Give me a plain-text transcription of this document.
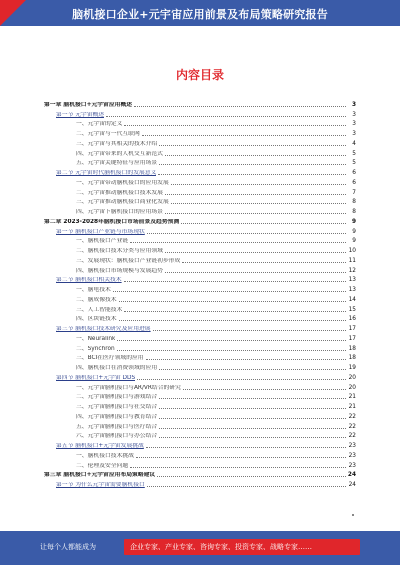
脑机接口企业+元宇宙应用前景及布局策略研究报告
内容目录
第一章 脑机接口+元宇宙应用概述	3
第一节 元宇宙概述	3
一、元宇宙的定义	3
二、元宇宙与一代互联网	3
三、元宇宙与其相关的技术介绍	4
四、元宇宙带来的人机交互新范式	5
五、元宇宙关键特征与应用场景	5
第二节 元宇宙时代脑机接口的发展意义	6
一、元宇宙带动脑机接口的应用发展	6
二、元宇宙推动脑机接口技术发展	7
三、元宇宙推动脑机接口商业化发展	8
四、元宇宙下脑机接口的应用场景	8
第二章 2023-2028年脑机接口市场前景及趋势预测	9
第一节 脑机接口产业链与市场现状	9
一、脑机接口产业链	9
二、脑机接口技术分类与应用领域	10
三、发展现状：脑机接口产业链初步形成	11
四、脑机接口市场规模与发展趋势	12
第二节 脑机接口相关技术	13
一、脑电技术	13
二、脑成像技术	14
三、人工智能技术	15
四、区块链技术	16
第三节 脑机接口技术研究及应用进展	17
一、Neuralink	17
二、Synchron	18
三、BCI在医疗领域的应用	18
四、脑机接口在消费领域的应用	19
第四节 脑机接口+元宇宙 DDS	20
一、元宇宙脑机接口与AR/VR结合的研究	20
二、元宇宙脑机接口与游戏结合	21
三、元宇宙脑机接口与社交结合	21
四、元宇宙脑机接口与教育结合	22
五、元宇宙脑机接口与医疗结合	22
六、元宇宙脑机接口与办公结合	22
第五节 脑机接口+元宇宙发展挑战	23
一、脑机接口技术挑战	23
二、伦理及安全问题	23
第三章 脑机接口+元宇宙应用布局策略建议	24
第一节 为什么元宇宙需要脑机接口	24
让每个人都能成为	企业专家、产业专家、咨询专家、投资专家、战略专家……
